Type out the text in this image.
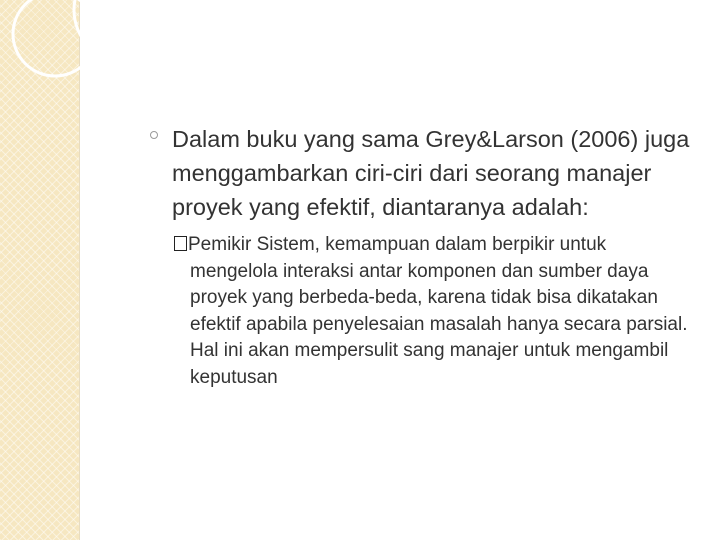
Dalam buku yang sama Grey&Larson (2006) juga menggambarkan ciri-ciri dari seorang manajer proyek yang efektif, diantaranya adalah:
Pemikir Sistem, kemampuan dalam berpikir untuk mengelola interaksi antar komponen dan sumber daya proyek yang berbeda-beda, karena tidak bisa dikatakan efektif apabila penyelesaian masalah hanya secara parsial. Hal ini akan mempersulit sang manajer untuk mengambil keputusan
